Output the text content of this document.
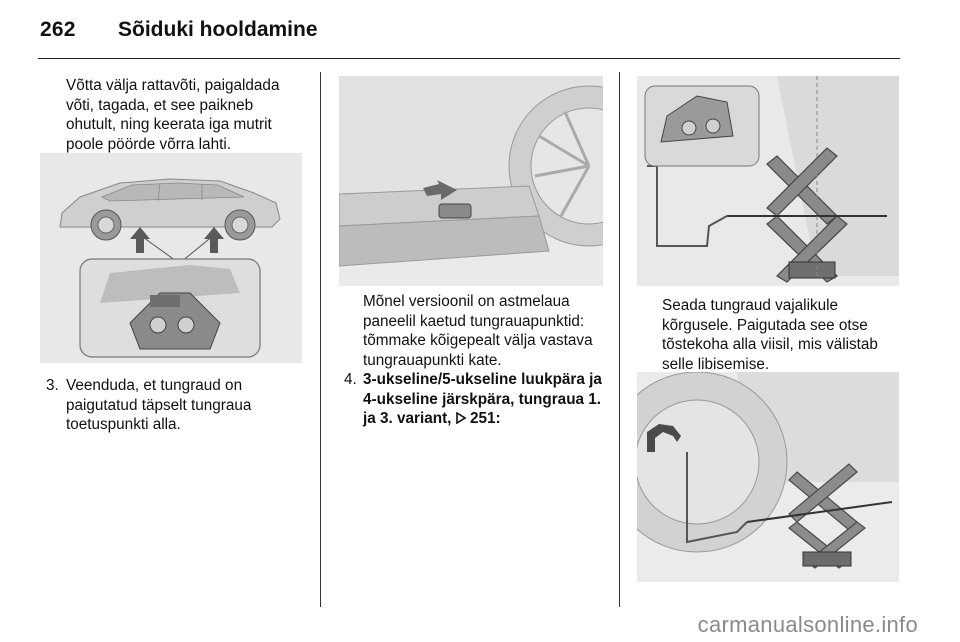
262 Sõiduki hooldamine

Võtta välja rattavõti, paigaldada

võti, tagada, et see paikneb

ohutult, ning keerata iga mutrit

poole pöörde võrra lahti.

3. Veenduda, et tungraud on

paigutatud täpselt tungraua

toetuspunkti alla.

Mõnel versioonil on astmelaua

paneelil kaetud tungrauapunktid:

tõmmake kõigepealt välja vastava

tungrauapunkti kate.

4. 3-ukseline/5-ukseline luukpära ja

4-ukseline järskpära, tungraua 1.

ja 3. variant, 251:

Seada tungraud vajalikule

kõrgusele. Paigutada see otse

tõstekoha alla viisil, mis välistab

selle libisemise.

carmanualsonline.info
